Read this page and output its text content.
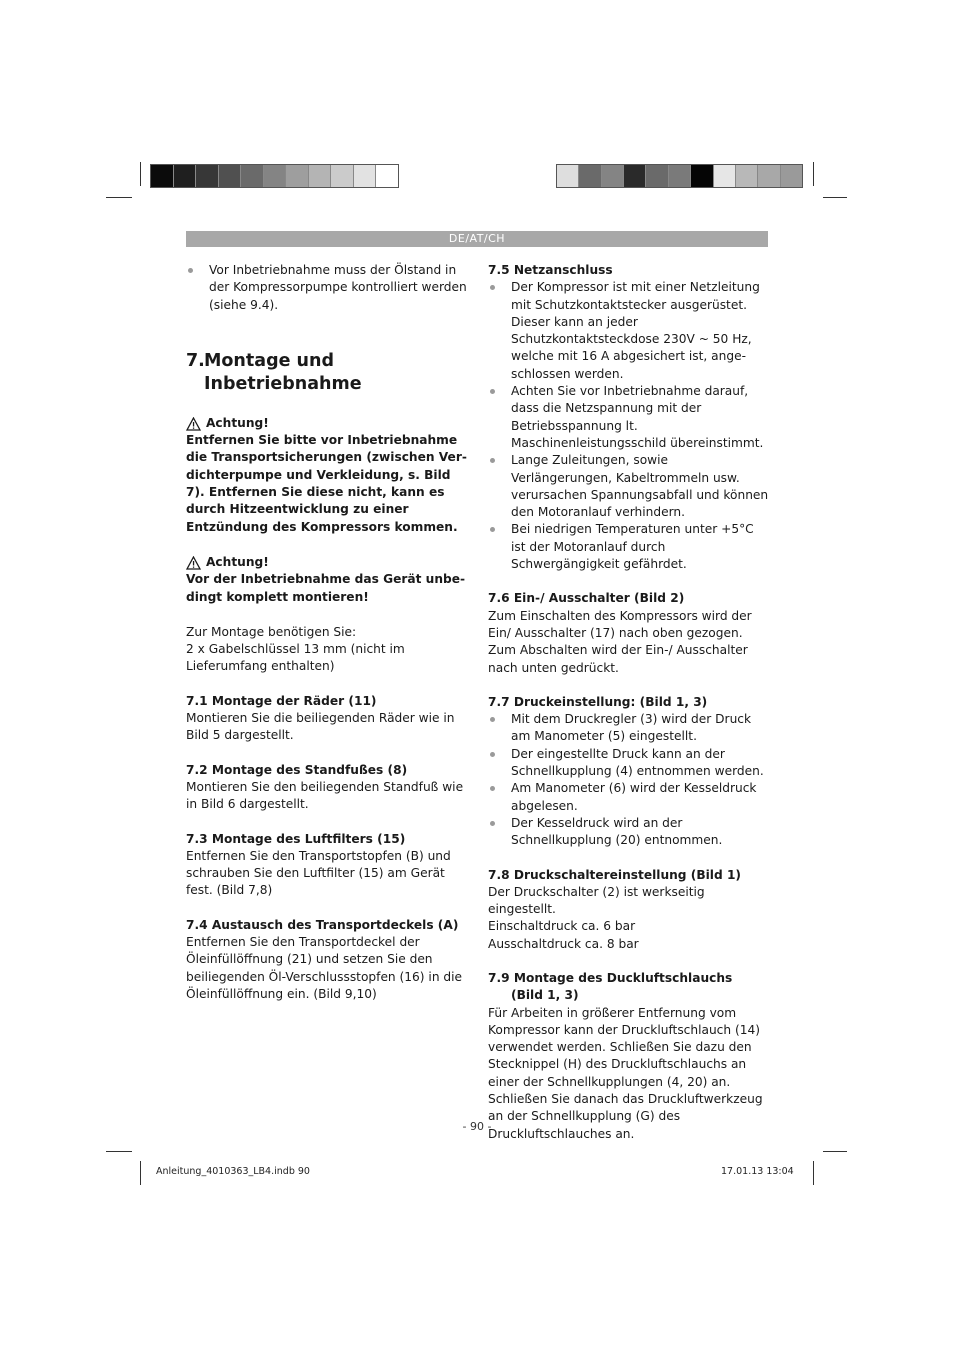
DE/AT/CH

Vor Inbetriebnahme muss der Ölstand in der Kompressorpumpe kontrolliert werden (siehe 9.4).

7. Montage und
Inbetriebnahme
Achtung!

Entfernen Sie bitte vor Inbetriebnahme die Transportsicherungen (zwischen Verdichterpumpe und Verkleidung, s. Bild 7). Entfernen Sie diese nicht, kann es durch Hitzeentwicklung zu einer Entzündung des Kompressors kommen.

Achtung!

Vor der Inbetriebnahme das Gerät unbedingt komplett montieren!

Zur Montage benötigen Sie:

2 x Gabelschlüssel 13 mm (nicht im Lieferumfang enthalten)

7.1 Montage der Räder (11)

Montieren Sie die beiliegenden Räder wie in Bild 5 dargestellt.

7.2 Montage des Standfußes (8)

Montieren Sie den beiliegenden Standfuß wie in Bild 6 dargestellt.

7.3 Montage des Luftfilters (15)

Entfernen Sie den Transportstopfen (B) und schrauben Sie den Luftfilter (15) am Gerät fest. (Bild 7,8)

7.4 Austausch des Transportdeckels (A)

Entfernen Sie den Transportdeckel der Öleinfüllöffnung (21) und setzen Sie den beiliegenden Öl-Verschlussstopfen (16) in die Öleinfüllöffnung ein. (Bild 9,10)

7.5 Netzanschluss

Der Kompressor ist mit einer Netzleitung mit Schutzkontaktstecker ausgerüstet. Dieser kann an jeder Schutzkontaktsteckdose 230V ~ 50 Hz, welche mit 16 A abgesichert ist, angeschlossen werden.

Achten Sie vor Inbetriebnahme darauf, dass die Netzspannung mit der Betriebsspannung lt. Maschinenleistungsschild übereinstimmt.

Lange Zuleitungen, sowie Verlängerungen, Kabeltrommeln usw. verursachen Spannungsabfall und können den Motoranlauf verhindern.

Bei niedrigen Temperaturen unter +5°C ist der Motoranlauf durch Schwergängigkeit gefährdet.

7.6 Ein-/ Ausschalter (Bild 2)

Zum Einschalten des Kompressors wird der Ein/ Ausschalter (17) nach oben gezogen. Zum Abschalten wird der Ein-/ Ausschalter nach unten gedrückt.

7.7 Druckeinstellung: (Bild 1, 3)

Mit dem Druckregler (3) wird der Druck am Manometer (5) eingestellt.

Der eingestellte Druck kann an der Schnellkupplung (4) entnommen werden.

Am Manometer (6) wird der Kesseldruck abgelesen.

Der Kesseldruck wird an der Schnellkupplung (20) entnommen.

7.8 Druckschaltereinstellung (Bild 1)

Der Druckschalter (2) ist werkseitig eingestellt.

Einschaltdruck ca. 6 bar

Ausschaltdruck ca. 8 bar

7.9 Montage des Duckluftschlauchs

(Bild 1, 3)

Für Arbeiten in größerer Entfernung vom Kompressor kann der Druckluftschlauch (14) verwendet werden. Schließen Sie dazu den Stecknippel (H) des Druckluftschlauchs an einer der Schnellkupplungen (4, 20) an. Schließen Sie danach das Druckluftwerkzeug an der Schnellkupplung (G) des Druckluftschlauches an.

- 90 -
Anleitung_4010363_LB4.indb 90	17.01.13 13:04
